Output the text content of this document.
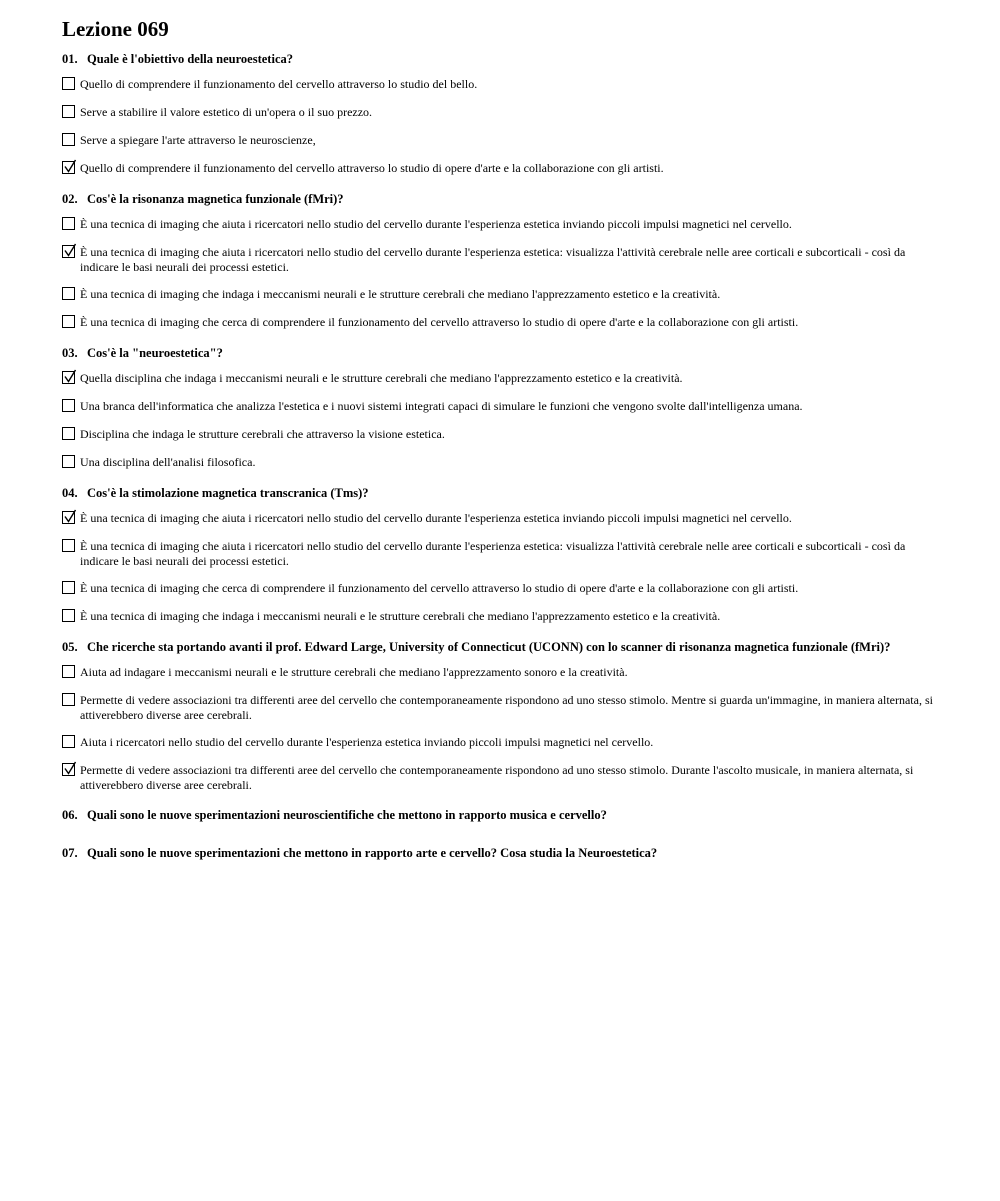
Lezione 069
01. Quale è l'obiettivo della neuroestetica?
Quello di comprendere il funzionamento del cervello attraverso lo studio del bello.
Serve a stabilire il valore estetico di un'opera o il suo prezzo.
Serve a spiegare l'arte attraverso le neuroscienze,
Quello di comprendere il funzionamento del cervello attraverso lo studio di opere d'arte e la collaborazione con gli artisti.
02. Cos'è la risonanza magnetica funzionale (fMri)?
È una tecnica di imaging che aiuta i ricercatori nello studio del cervello durante l'esperienza estetica inviando piccoli impulsi magnetici nel cervello.
È una tecnica di imaging che aiuta i ricercatori nello studio del cervello durante l'esperienza estetica: visualizza l'attività cerebrale nelle aree corticali e subcorticali - così da indicare le basi neurali dei processi estetici.
È una tecnica di imaging che indaga i meccanismi neurali e le strutture cerebrali che mediano l'apprezzamento estetico e la creatività.
È una tecnica di imaging che cerca di comprendere il funzionamento del cervello attraverso lo studio di opere d'arte e la collaborazione con gli artisti.
03. Cos'è la "neuroestetica"?
Quella disciplina che indaga i meccanismi neurali e le strutture cerebrali che mediano l'apprezzamento estetico e la creatività.
Una branca dell'informatica che analizza l'estetica e i nuovi sistemi integrati capaci di simulare le funzioni che vengono svolte dall'intelligenza umana.
Disciplina che indaga le strutture cerebrali che attraverso la visione estetica.
Una disciplina dell'analisi filosofica.
04. Cos'è la stimolazione magnetica transcranica (Tms)?
È una tecnica di imaging che aiuta i ricercatori nello studio del cervello durante l'esperienza estetica inviando piccoli impulsi magnetici nel cervello.
È una tecnica di imaging che aiuta i ricercatori nello studio del cervello durante l'esperienza estetica: visualizza l'attività cerebrale nelle aree corticali e subcorticali - così da indicare le basi neurali dei processi estetici.
È una tecnica di imaging che cerca di comprendere il funzionamento del cervello attraverso lo studio di opere d'arte e la collaborazione con gli artisti.
È una tecnica di imaging che indaga i meccanismi neurali e le strutture cerebrali che mediano l'apprezzamento estetico e la creatività.
05. Che ricerche sta portando avanti il prof. Edward Large, University of Connecticut (UCONN) con lo scanner di risonanza magnetica funzionale (fMri)?
Aiuta ad indagare i meccanismi neurali e le strutture cerebrali che mediano l'apprezzamento sonoro e la creatività.
Permette di vedere associazioni tra differenti aree del cervello che contemporaneamente rispondono ad uno stesso stimolo. Mentre si guarda un'immagine, in maniera alternata, si attiverebbero diverse aree cerebrali.
Aiuta i ricercatori nello studio del cervello durante l'esperienza estetica inviando piccoli impulsi magnetici nel cervello.
Permette di vedere associazioni tra differenti aree del cervello che contemporaneamente rispondono ad uno stesso stimolo. Durante l'ascolto musicale, in maniera alternata, si attiverebbero diverse aree cerebrali.
06. Quali sono le nuove sperimentazioni neuroscientifiche che mettono in rapporto musica e cervello?
07. Quali sono le nuove sperimentazioni che mettono in rapporto arte e cervello? Cosa studia la Neuroestetica?
